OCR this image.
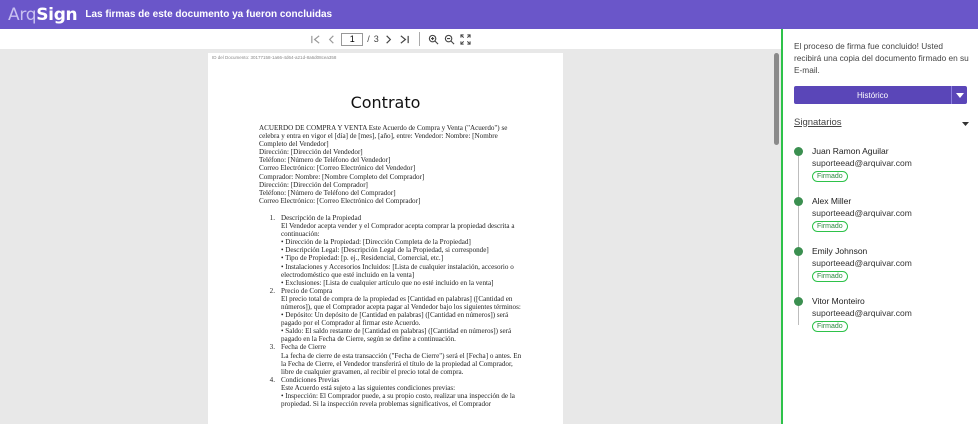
ArqSign Las firmas de este documento ya fueron concluidas
1
/ 3
ID del Documento: 30177158-1a66-4d64-a21d-8a6d08cea358
Contrato

ACUERDO DE COMPRA Y VENTA Este Acuerdo de Compra y Venta ("Acuerdo") se celebra y entra en vigor el [día] de [mes], [año], entre: Vendedor: Nombre: [Nombre Completo del Vendedor]

Dirección: [Dirección del Vendedor]

Teléfono: [Número de Teléfono del Vendedor]

Correo Electrónico: [Correo Electrónico del Vendedor]

Comprador: Nombre: [Nombre Completo del Comprador]

Dirección: [Dirección del Comprador]

Teléfono: [Número de Teléfono del Comprador]

Correo Electrónico: [Correo Electrónico del Comprador]

1. Descripción de la Propiedad

El Vendedor acepta vender y el Comprador acepta comprar la propiedad descrita a continuación:

• Dirección de la Propiedad: [Dirección Completa de la Propiedad]

• Descripción Legal: [Descripción Legal de la Propiedad, si corresponde]

• Tipo de Propiedad: [p. ej., Residencial, Comercial, etc.]

• Instalaciones y Accesorios Incluidos: [Lista de cualquier instalación, accesorio o electrodoméstico que esté incluido en la venta]

• Exclusiones: [Lista de cualquier artículo que no esté incluido en la venta]

2. Precio de Compra

El precio total de compra de la propiedad es [Cantidad en palabras] ([Cantidad en números]), que el Comprador acepta pagar al Vendedor bajo los siguientes términos:

• Depósito: Un depósito de [Cantidad en palabras] ([Cantidad en números]) será pagado por el Comprador al firmar este Acuerdo.

• Saldo: El saldo restante de [Cantidad en palabras] ([Cantidad en números]) será pagado en la Fecha de Cierre, según se define a continuación.

3. Fecha de Cierre

La fecha de cierre de esta transacción ("Fecha de Cierre") será el [Fecha] o antes. En la Fecha de Cierre, el Vendedor transferirá el título de la propiedad al Comprador, libre de cualquier gravamen, al recibir el precio total de compra.

4. Condiciones Previas

Este Acuerdo está sujeto a las siguientes condiciones previas:

• Inspección: El Comprador puede, a su propio costo, realizar una inspección de la propiedad. Si la inspección revela problemas significativos, el Comprador

El proceso de firma fue concluido! Usted recibirá una copia del documento firmado en su E-mail.
Histórico
Signatarios
Juan Ramon Aguilar
suporteead@arquivar.com
Firmado
Alex Miller
suporteead@arquivar.com
Firmado
Emily Johnson
suporteead@arquivar.com
Firmado
Vitor Monteiro
suporteead@arquivar.com
Firmado
